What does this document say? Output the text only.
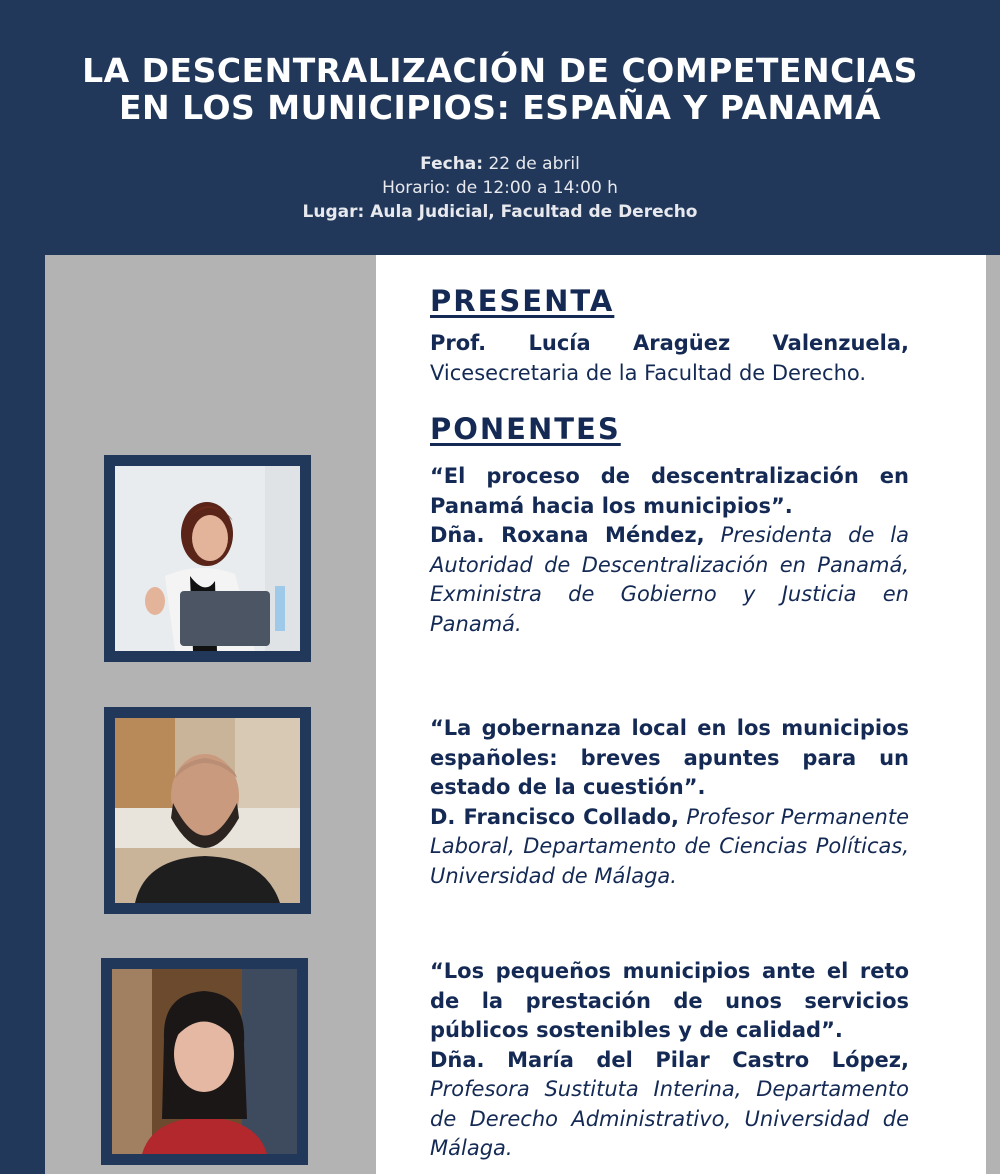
LA DESCENTRALIZACIÓN DE COMPETENCIAS
EN LOS MUNICIPIOS: ESPAÑA Y PANAMÁ
Fecha: 22 de abril
Horario: de 12:00 a 14:00 h
Lugar: Aula Judicial, Facultad de Derecho
PRESENTA
Prof. Lucía Aragüez Valenzuela,
Vicesecretaria de la Facultad de Derecho.
PONENTES
“El proceso de descentralización en Panamá hacia los municipios”.
Dña. Roxana Méndez, Presidenta de la Autoridad de Descentralización en Panamá, Exministra de Gobierno y Justicia en Panamá.
“La gobernanza local en los municipios españoles: breves apuntes para un estado de la cuestión”.
D. Francisco Collado, Profesor Permanente Laboral, Departamento de Ciencias Políticas, Universidad de Málaga.
“Los pequeños municipios ante el reto de la prestación de unos servicios públicos sostenibles y de calidad”.
Dña. María del Pilar Castro López, Profesora Sustituta Interina, Departamento de Derecho Administrativo, Universidad de Málaga.
